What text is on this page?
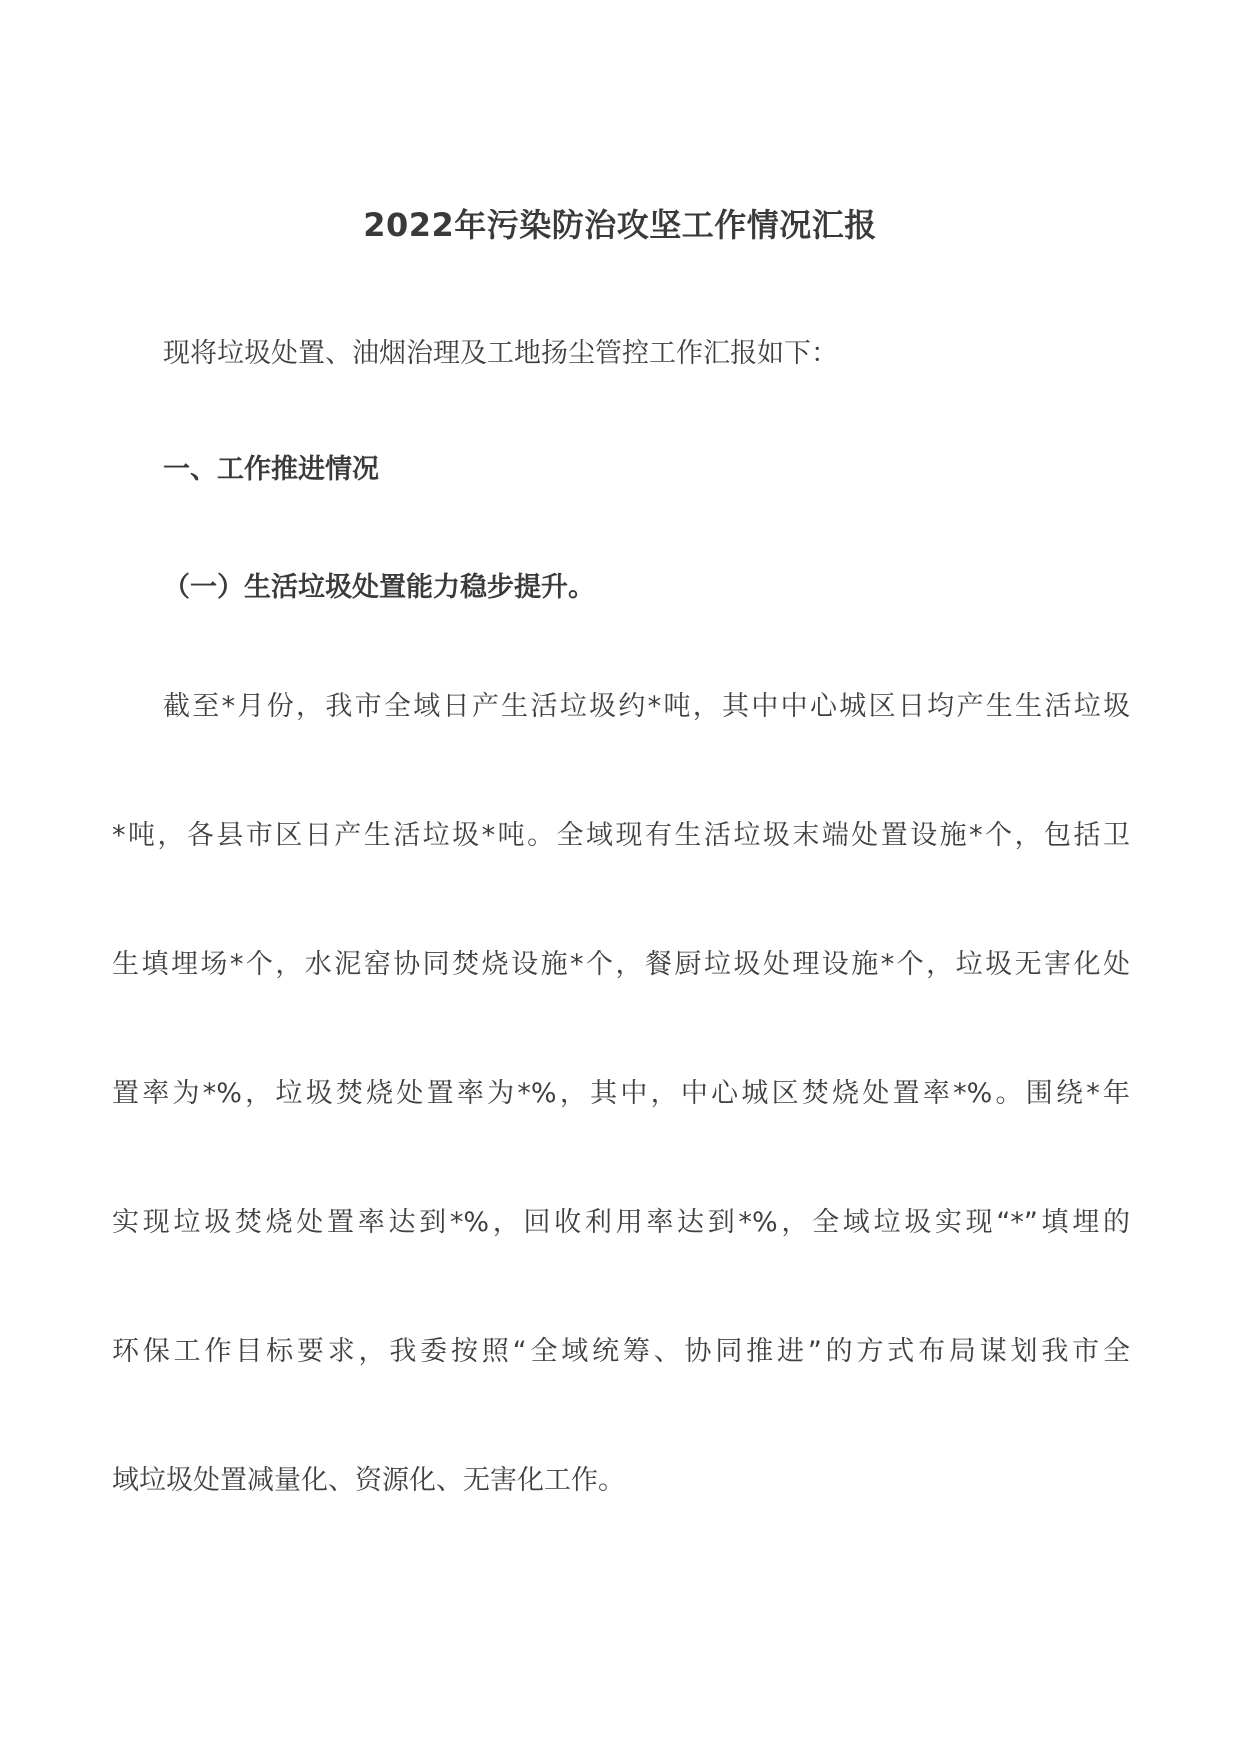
2022年污染防治攻坚工作情况汇报
现将垃圾处置、油烟治理及工地扬尘管控工作汇报如下：
一、工作推进情况
（一）生活垃圾处置能力稳步提升。
截至*月份，我市全域日产生活垃圾约*吨，其中中心城区日均产生生活垃圾
*吨，各县市区日产生活垃圾*吨。全域现有生活垃圾末端处置设施*个，包括卫
生填埋场*个，水泥窑协同焚烧设施*个，餐厨垃圾处理设施*个，垃圾无害化处
置率为*%，垃圾焚烧处置率为*%，其中，中心城区焚烧处置率*%。围绕*年
实现垃圾焚烧处置率达到*%，回收利用率达到*%，全域垃圾实现“*”填埋的
环保工作目标要求，我委按照“全域统筹、协同推进”的方式布局谋划我市全
域垃圾处置减量化、资源化、无害化工作。
